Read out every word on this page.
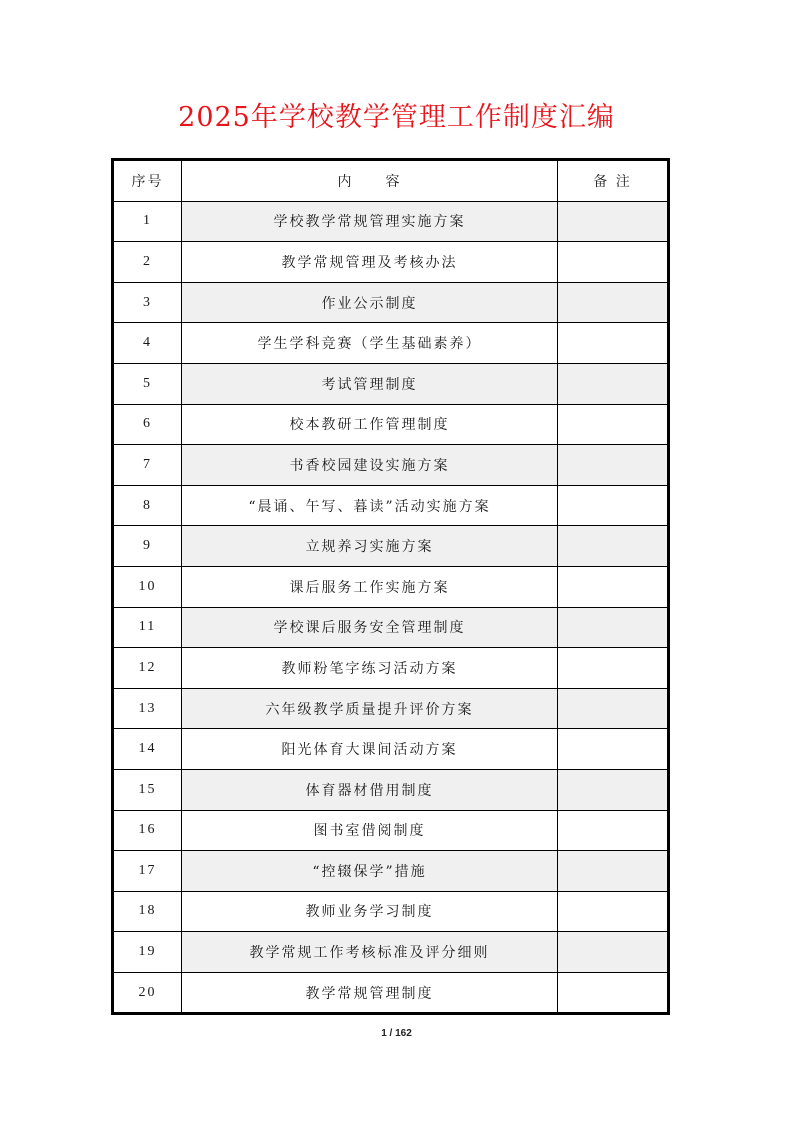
2025年学校教学管理工作制度汇编
序号	内　　容	备 注
1	学校教学常规管理实施方案	
2	教学常规管理及考核办法	
3	作业公示制度	
4	学生学科竞赛（学生基础素养）	
5	考试管理制度	
6	校本教研工作管理制度	
7	书香校园建设实施方案	
8	“晨诵、午写、暮读”活动实施方案	
9	立规养习实施方案	
10	课后服务工作实施方案	
11	学校课后服务安全管理制度	
12	教师粉笔字练习活动方案	
13	六年级教学质量提升评价方案	
14	阳光体育大课间活动方案	
15	体育器材借用制度	
16	图书室借阅制度	
17	“控辍保学”措施	
18	教师业务学习制度	
19	教学常规工作考核标准及评分细则	
20	教学常规管理制度	
1 / 162
